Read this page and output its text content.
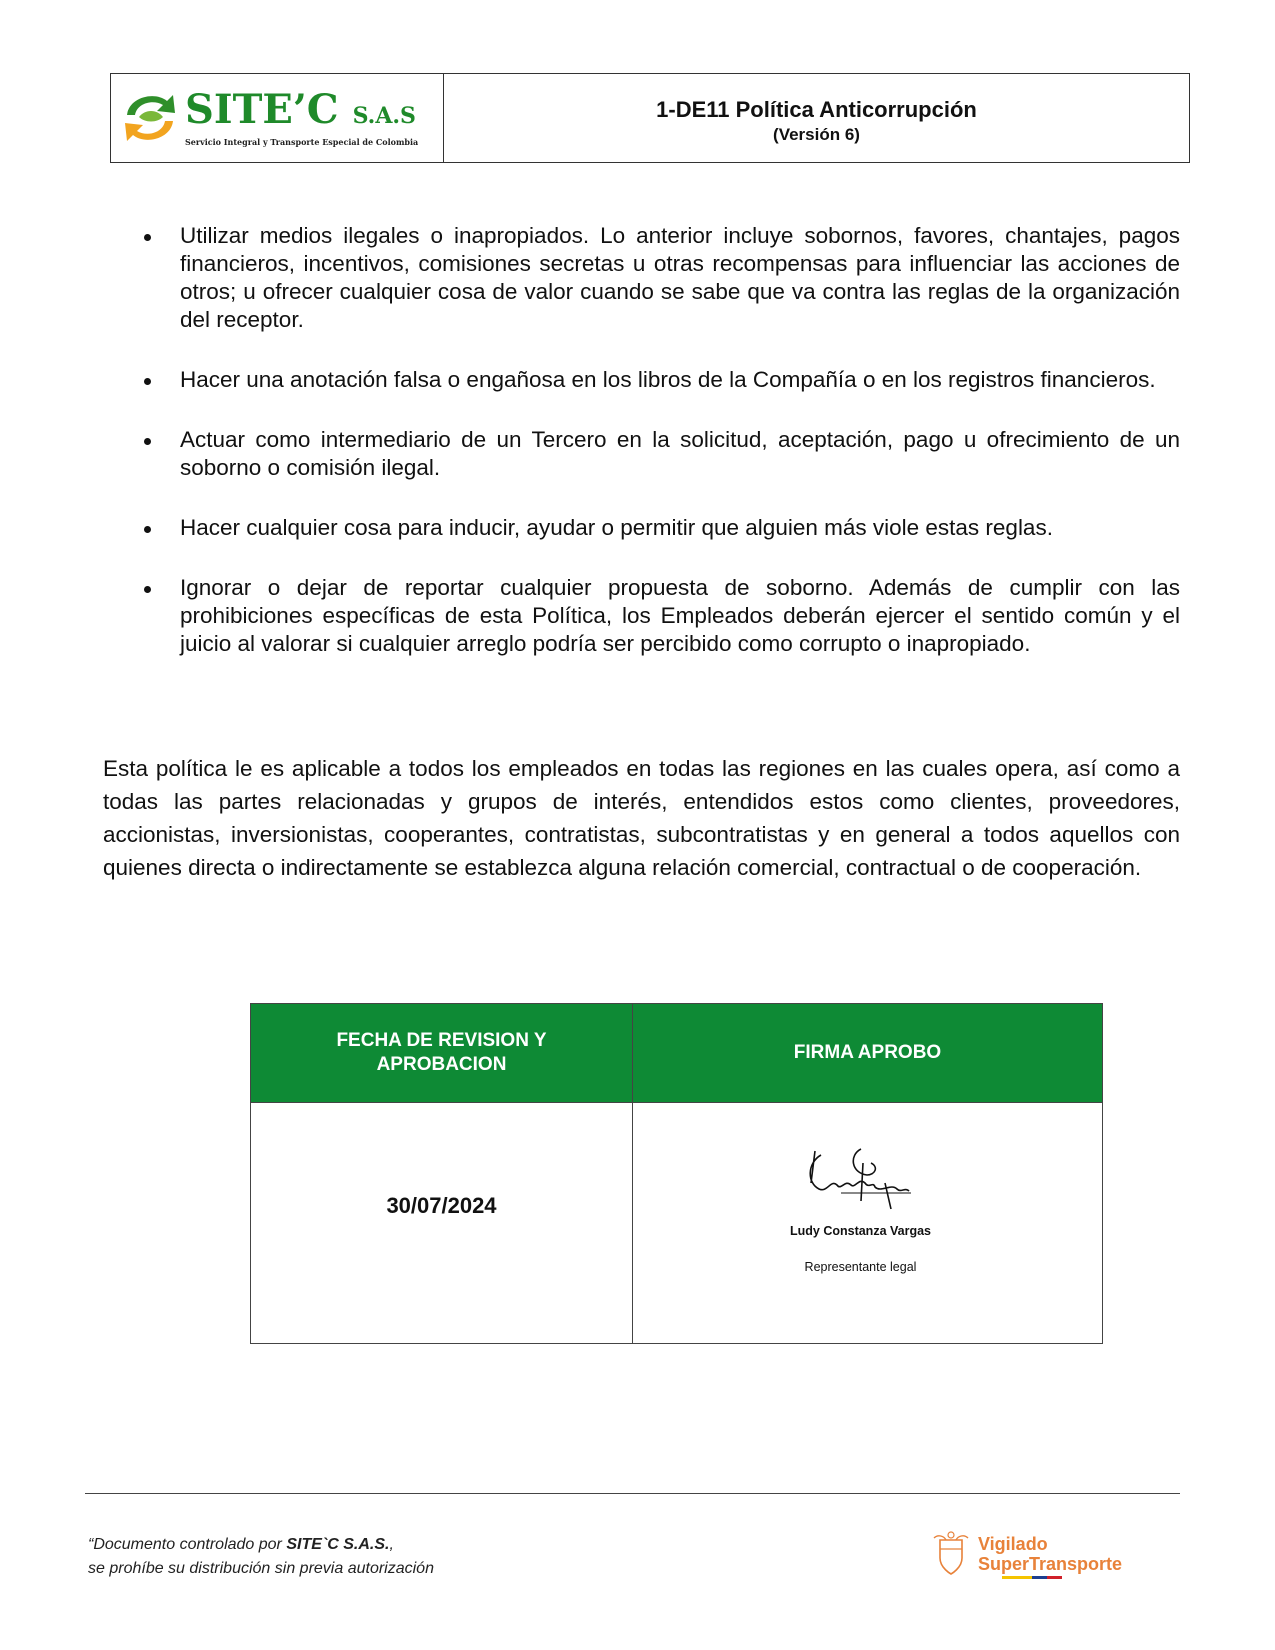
SITE’C S.A.S
Servicio Integral y Transporte Especial de Colombia
1-DE11 Política Anticorrupción
(Versión 6)
Utilizar medios ilegales o inapropiados. Lo anterior incluye sobornos, favores, chantajes, pagos financieros, incentivos, comisiones secretas u otras recompensas para influenciar las acciones de otros; u ofrecer cualquier cosa de valor cuando se sabe que va contra las reglas de la organización del receptor.
Hacer una anotación falsa o engañosa en los libros de la Compañía o en los registros financieros.
Actuar como intermediario de un Tercero en la solicitud, aceptación, pago u ofrecimiento de un soborno o comisión ilegal.
Hacer cualquier cosa para inducir, ayudar o permitir que alguien más viole estas reglas.
Ignorar o dejar de reportar cualquier propuesta de soborno. Además de cumplir con las prohibiciones específicas de esta Política, los Empleados deberán ejercer el sentido común y el juicio al valorar si cualquier arreglo podría ser percibido como corrupto o inapropiado.

Esta política le es aplicable a todos los empleados en todas las regiones en las cuales opera, así como a todas las partes relacionadas y grupos de interés, entendidos estos como clientes, proveedores, accionistas, inversionistas, cooperantes, contratistas, subcontratistas y en general a todos aquellos con quienes directa o indirectamente se establezca alguna relación comercial, contractual o de cooperación.

FECHA DE REVISION Y APROBACION	FIRMA APROBO

30/07/2024	Ludy Constanza Vargas
Representante legal
“Documento controlado por SITE`C S.A.S.,
se prohíbe su distribución sin previa autorización
Vigilado
SuperTransporte
